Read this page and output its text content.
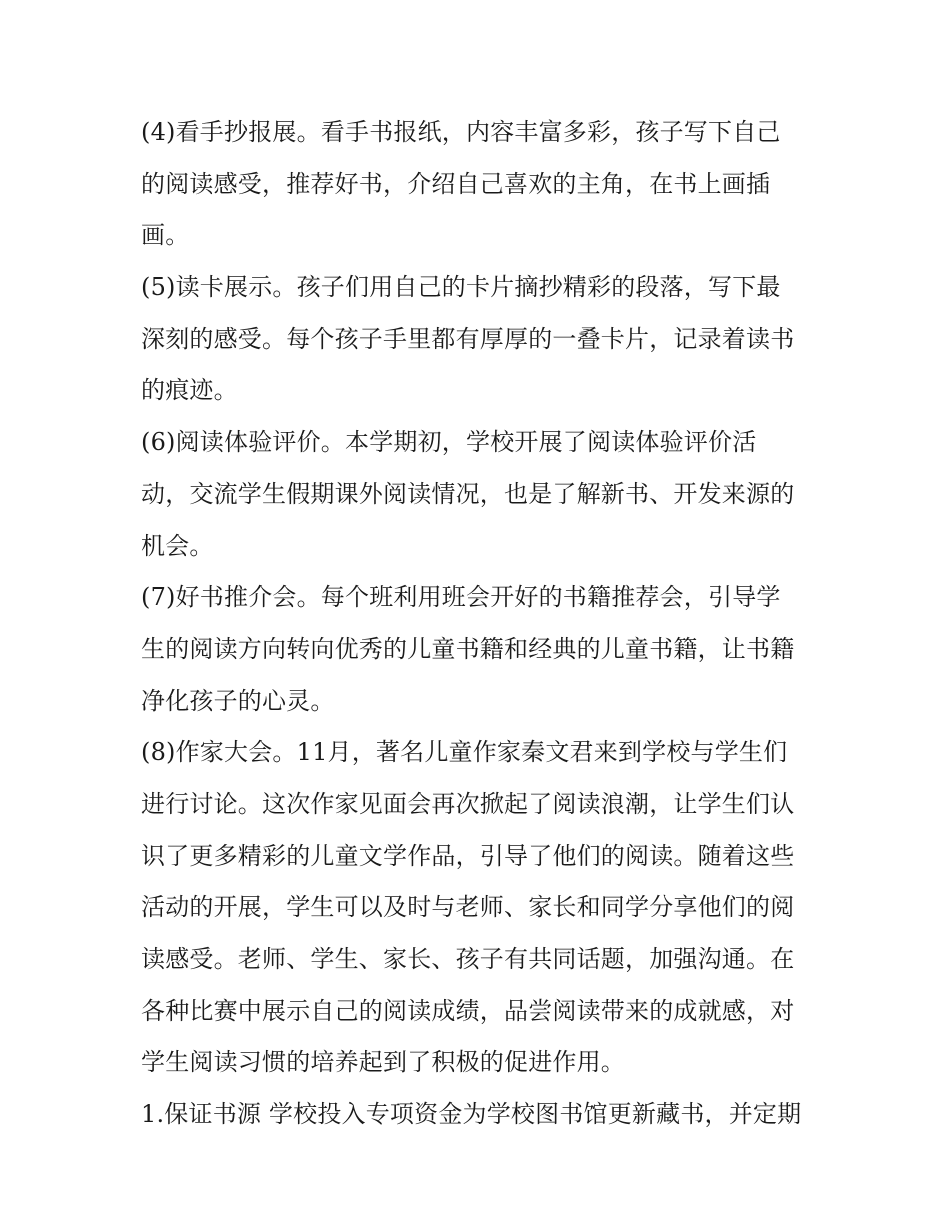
(4)看手抄报展。看手书报纸，内容丰富多彩，孩子写下自己
的阅读感受，推荐好书，介绍自己喜欢的主角，在书上画插
画。
(5)读卡展示。孩子们用自己的卡片摘抄精彩的段落，写下最
深刻的感受。每个孩子手里都有厚厚的一叠卡片，记录着读书
的痕迹。
(6)阅读体验评价。本学期初，学校开展了阅读体验评价活
动，交流学生假期课外阅读情况，也是了解新书、开发来源的
机会。
(7)好书推介会。每个班利用班会开好的书籍推荐会，引导学
生的阅读方向转向优秀的儿童书籍和经典的儿童书籍，让书籍
净化孩子的心灵。
(8)作家大会。11月，著名儿童作家秦文君来到学校与学生们
进行讨论。这次作家见面会再次掀起了阅读浪潮，让学生们认
识了更多精彩的儿童文学作品，引导了他们的阅读。随着这些
活动的开展，学生可以及时与老师、家长和同学分享他们的阅
读感受。老师、学生、家长、孩子有共同话题，加强沟通。在
各种比赛中展示自己的阅读成绩，品尝阅读带来的成就感，对
学生阅读习惯的培养起到了积极的促进作用。
1.保证书源 学校投入专项资金为学校图书馆更新藏书，并定期
